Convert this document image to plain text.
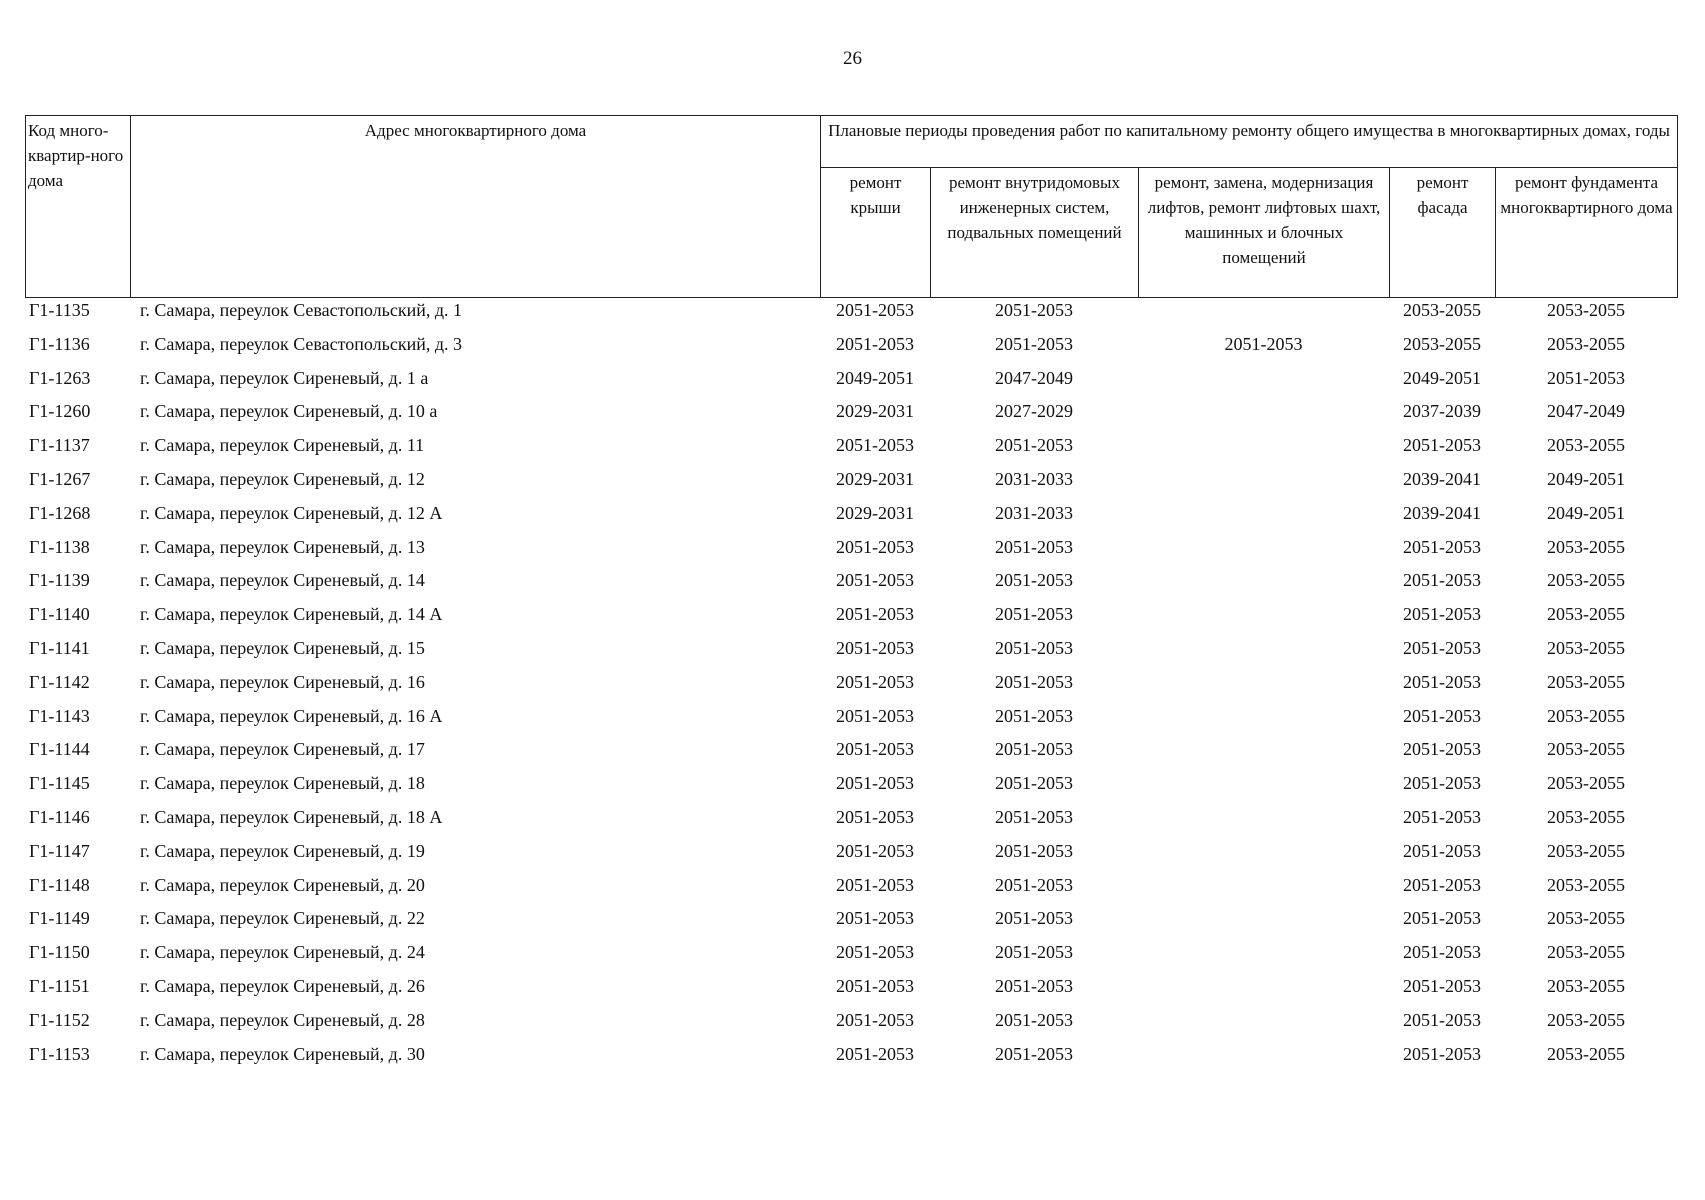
26
Код много-квартир-ного дома	Адрес многоквартирного дома	Плановые периоды проведения работ по капитальному ремонту общего имущества в многоквартирных домах, годы				
		ремонт крыши	ремонт внутридомовых инженерных систем, подвальных помещений	ремонт, замена, модернизация лифтов, ремонт лифтовых шахт, машинных и блочных помещений	ремонт фасада	ремонт фундамента многоквартирного дома
Г1-1135	г. Самара, переулок Севастопольский, д. 1	2051-2053	2051-2053		2053-2055	2053-2055
Г1-1136	г. Самара, переулок Севастопольский, д. 3	2051-2053	2051-2053	2051-2053	2053-2055	2053-2055
Г1-1263	г. Самара, переулок Сиреневый, д. 1 а	2049-2051	2047-2049		2049-2051	2051-2053
Г1-1260	г. Самара, переулок Сиреневый, д. 10 а	2029-2031	2027-2029		2037-2039	2047-2049
Г1-1137	г. Самара, переулок Сиреневый, д. 11	2051-2053	2051-2053		2051-2053	2053-2055
Г1-1267	г. Самара, переулок Сиреневый, д. 12	2029-2031	2031-2033		2039-2041	2049-2051
Г1-1268	г. Самара, переулок Сиреневый, д. 12 А	2029-2031	2031-2033		2039-2041	2049-2051
Г1-1138	г. Самара, переулок Сиреневый, д. 13	2051-2053	2051-2053		2051-2053	2053-2055
Г1-1139	г. Самара, переулок Сиреневый, д. 14	2051-2053	2051-2053		2051-2053	2053-2055
Г1-1140	г. Самара, переулок Сиреневый, д. 14 А	2051-2053	2051-2053		2051-2053	2053-2055
Г1-1141	г. Самара, переулок Сиреневый, д. 15	2051-2053	2051-2053		2051-2053	2053-2055
Г1-1142	г. Самара, переулок Сиреневый, д. 16	2051-2053	2051-2053		2051-2053	2053-2055
Г1-1143	г. Самара, переулок Сиреневый, д. 16 А	2051-2053	2051-2053		2051-2053	2053-2055
Г1-1144	г. Самара, переулок Сиреневый, д. 17	2051-2053	2051-2053		2051-2053	2053-2055
Г1-1145	г. Самара, переулок Сиреневый, д. 18	2051-2053	2051-2053		2051-2053	2053-2055
Г1-1146	г. Самара, переулок Сиреневый, д. 18 А	2051-2053	2051-2053		2051-2053	2053-2055
Г1-1147	г. Самара, переулок Сиреневый, д. 19	2051-2053	2051-2053		2051-2053	2053-2055
Г1-1148	г. Самара, переулок Сиреневый, д. 20	2051-2053	2051-2053		2051-2053	2053-2055
Г1-1149	г. Самара, переулок Сиреневый, д. 22	2051-2053	2051-2053		2051-2053	2053-2055
Г1-1150	г. Самара, переулок Сиреневый, д. 24	2051-2053	2051-2053		2051-2053	2053-2055
Г1-1151	г. Самара, переулок Сиреневый, д. 26	2051-2053	2051-2053		2051-2053	2053-2055
Г1-1152	г. Самара, переулок Сиреневый, д. 28	2051-2053	2051-2053		2051-2053	2053-2055
Г1-1153	г. Самара, переулок Сиреневый, д. 30	2051-2053	2051-2053		2051-2053	2053-2055
